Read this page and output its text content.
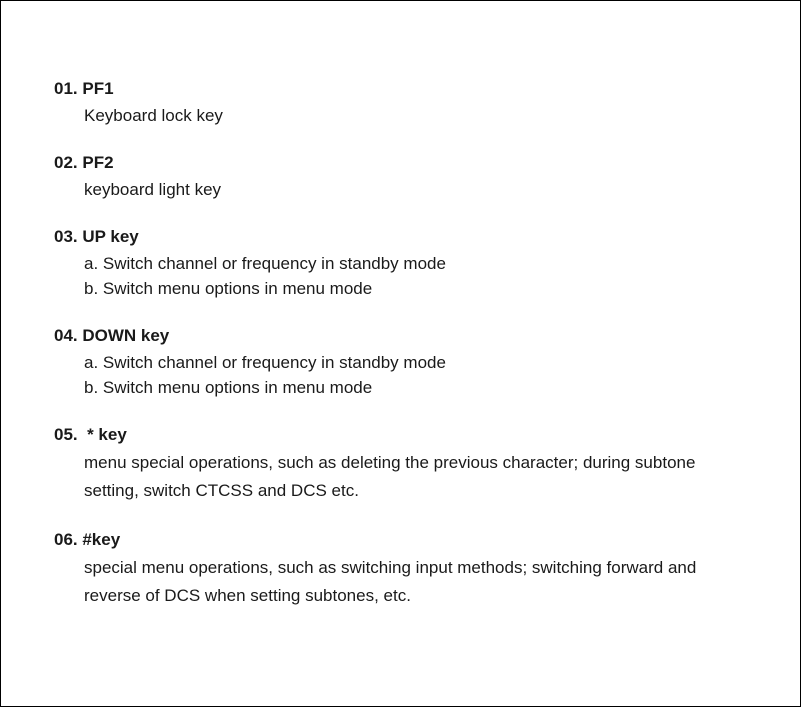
01. PF1

Keyboard lock key

02. PF2

keyboard light key

03. UP key

a. Switch channel or frequency in standby mode

b. Switch menu options in menu mode

04. DOWN key

a. Switch channel or frequency in standby mode

b. Switch menu options in menu mode

05.  * key

menu special operations, such as deleting the previous character; during subtone

setting, switch CTCSS and DCS etc.

06. #key

special menu operations, such as switching input methods; switching forward and

reverse of DCS when setting subtones, etc.
